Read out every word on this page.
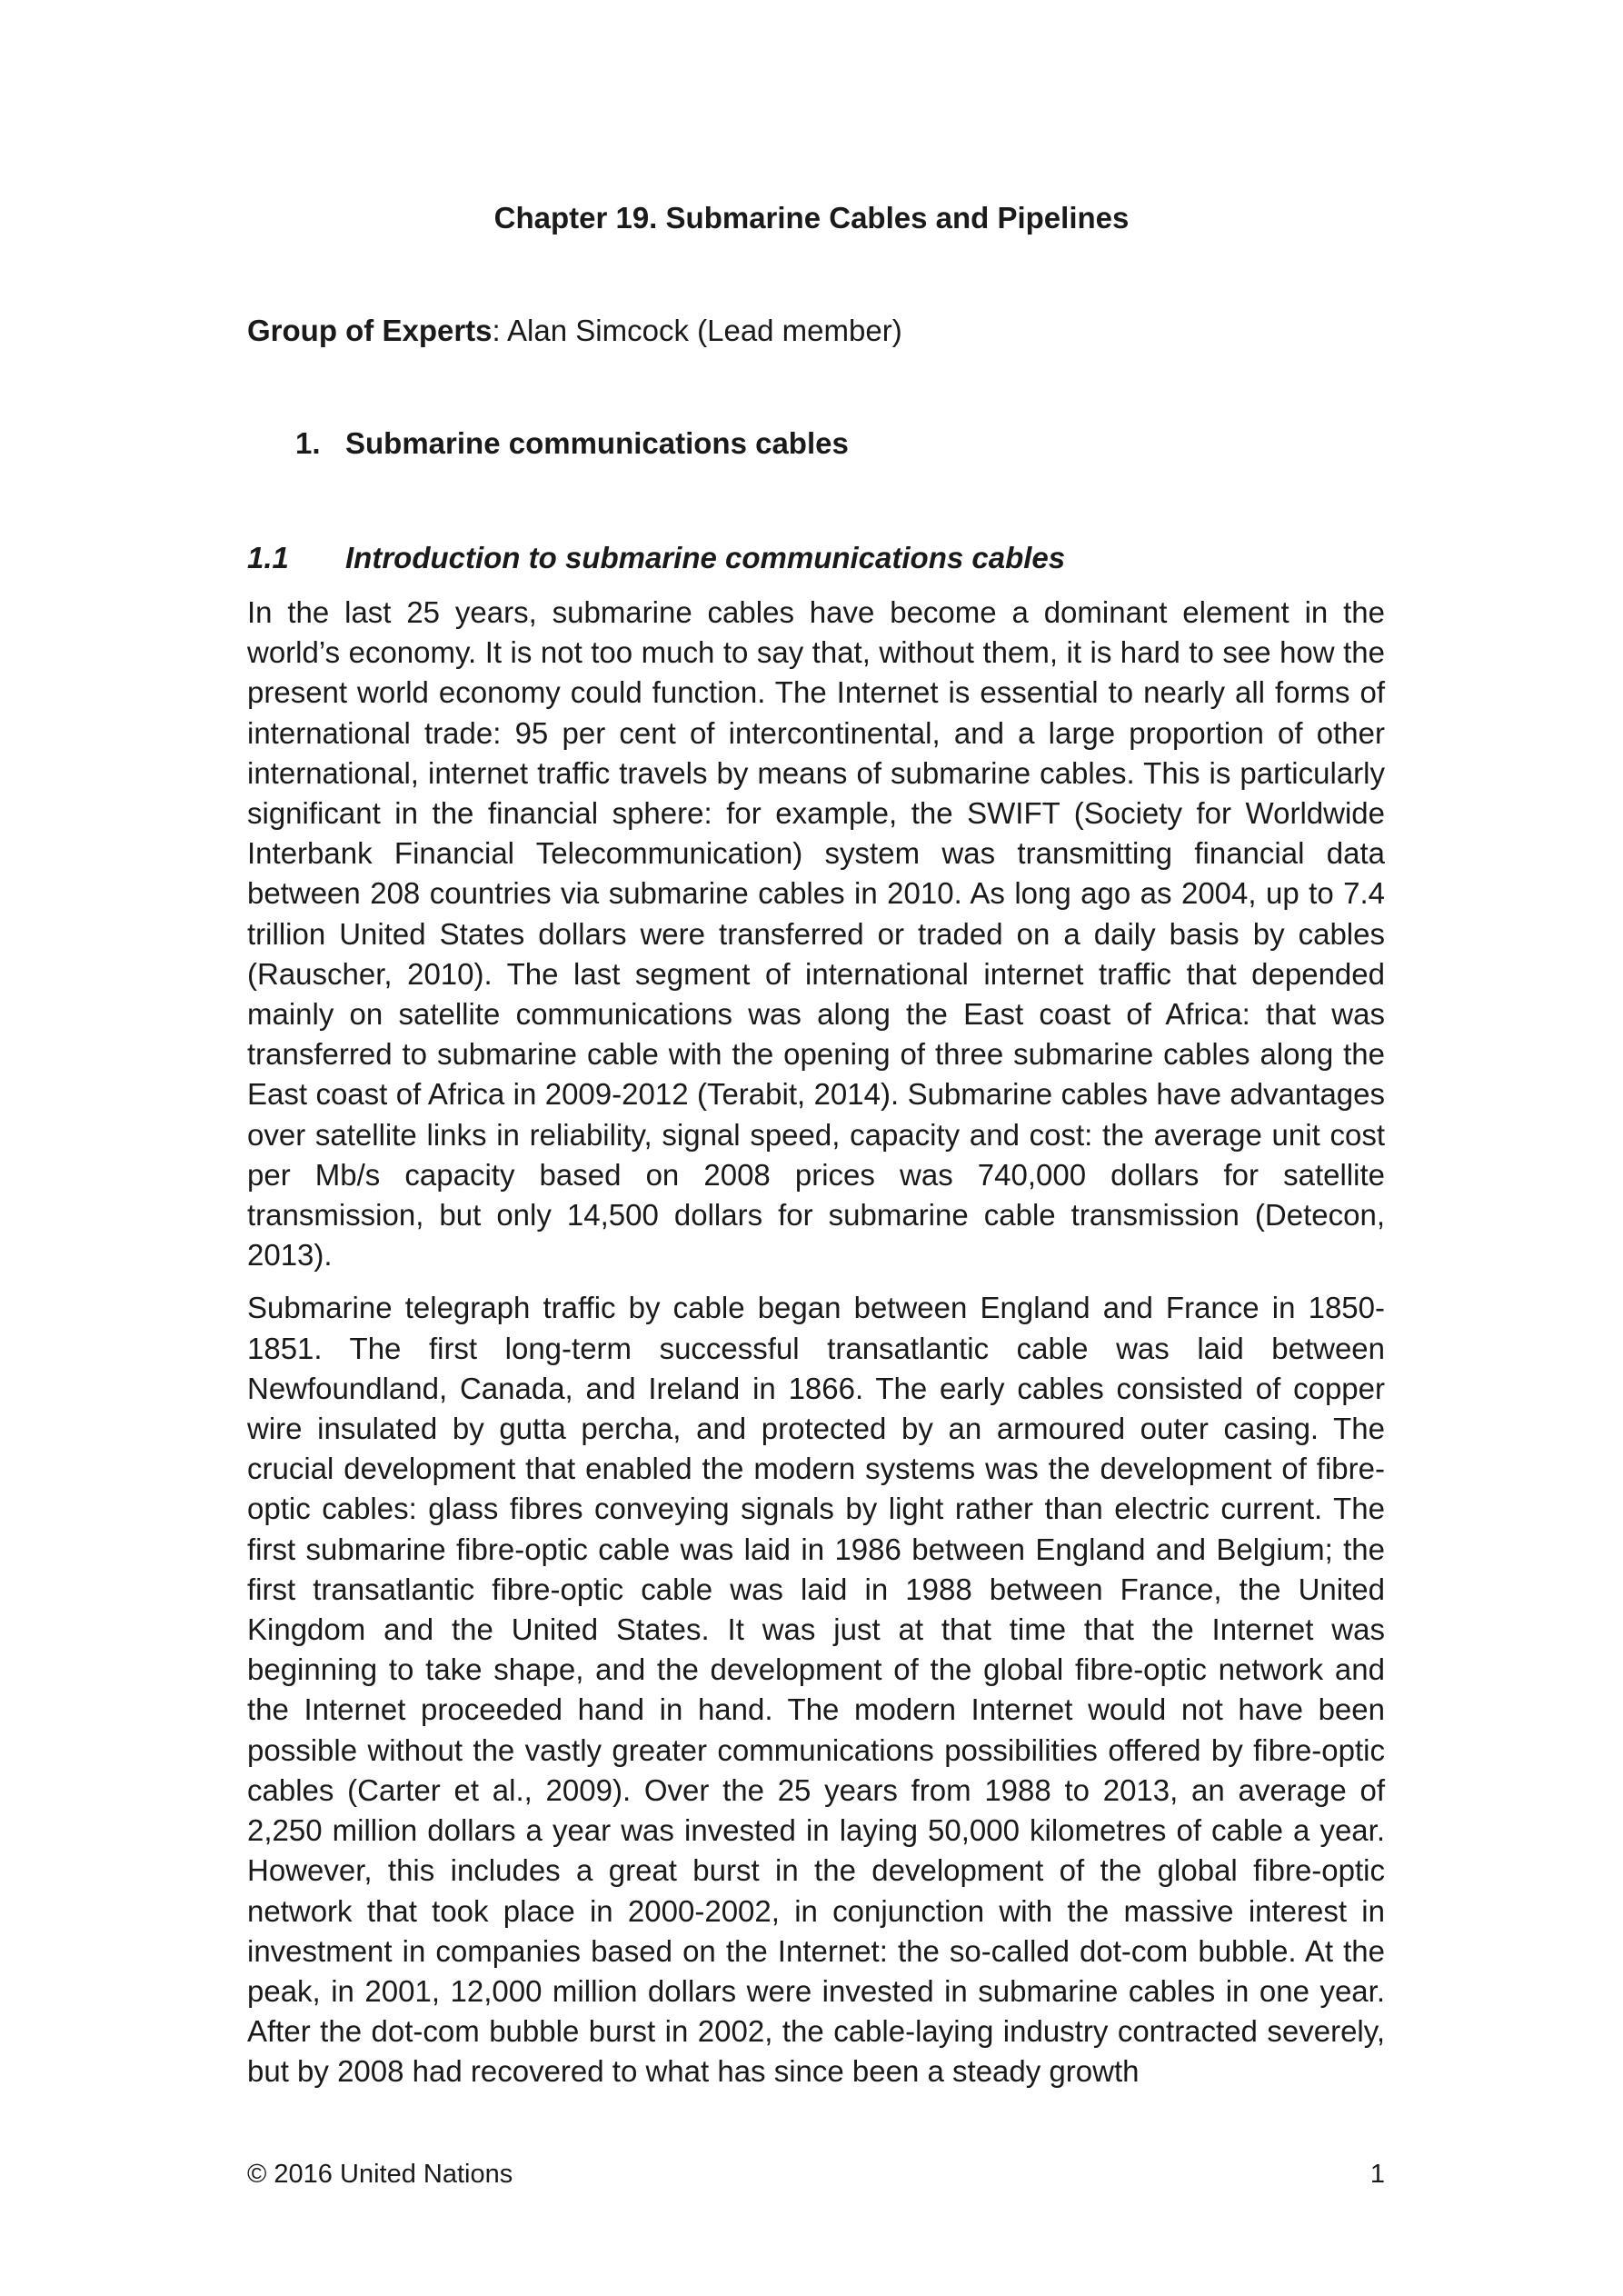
Chapter 19. Submarine Cables and Pipelines

Group of Experts: Alan Simcock (Lead member)

1. Submarine communications cables
1.1 Introduction to submarine communications cables

In the last 25 years, submarine cables have become a dominant element in the world’s economy. It is not too much to say that, without them, it is hard to see how the present world economy could function. The Internet is essential to nearly all forms of international trade: 95 per cent of intercontinental, and a large proportion of other international, internet traffic travels by means of submarine cables. This is particularly significant in the financial sphere: for example, the SWIFT (Society for Worldwide Interbank Financial Telecommunication) system was transmitting financial data between 208 countries via submarine cables in 2010. As long ago as 2004, up to 7.4 trillion United States dollars were transferred or traded on a daily basis by cables (Rauscher, 2010). The last segment of international internet traffic that depended mainly on satellite communications was along the East coast of Africa: that was transferred to submarine cable with the opening of three submarine cables along the East coast of Africa in 2009-2012 (Terabit, 2014). Submarine cables have advantages over satellite links in reliability, signal speed, capacity and cost: the average unit cost per Mb/s capacity based on 2008 prices was 740,000 dollars for satellite transmission, but only 14,500 dollars for submarine cable transmission (Detecon, 2013).

Submarine telegraph traffic by cable began between England and France in 1850-1851. The first long-term successful transatlantic cable was laid between Newfoundland, Canada, and Ireland in 1866. The early cables consisted of copper wire insulated by gutta percha, and protected by an armoured outer casing. The crucial development that enabled the modern systems was the development of fibre-optic cables: glass fibres conveying signals by light rather than electric current. The first submarine fibre-optic cable was laid in 1986 between England and Belgium; the first transatlantic fibre-optic cable was laid in 1988 between France, the United Kingdom and the United States. It was just at that time that the Internet was beginning to take shape, and the development of the global fibre-optic network and the Internet proceeded hand in hand. The modern Internet would not have been possible without the vastly greater communications possibilities offered by fibre-optic cables (Carter et al., 2009). Over the 25 years from 1988 to 2013, an average of 2,250 million dollars a year was invested in laying 50,000 kilometres of cable a year. However, this includes a great burst in the development of the global fibre-optic network that took place in 2000-2002, in conjunction with the massive interest in investment in companies based on the Internet: the so-called dot-com bubble. At the peak, in 2001, 12,000 million dollars were invested in submarine cables in one year. After the dot-com bubble burst in 2002, the cable-laying industry contracted severely, but by 2008 had recovered to what has since been a steady growth

© 2016 United Nations	1
